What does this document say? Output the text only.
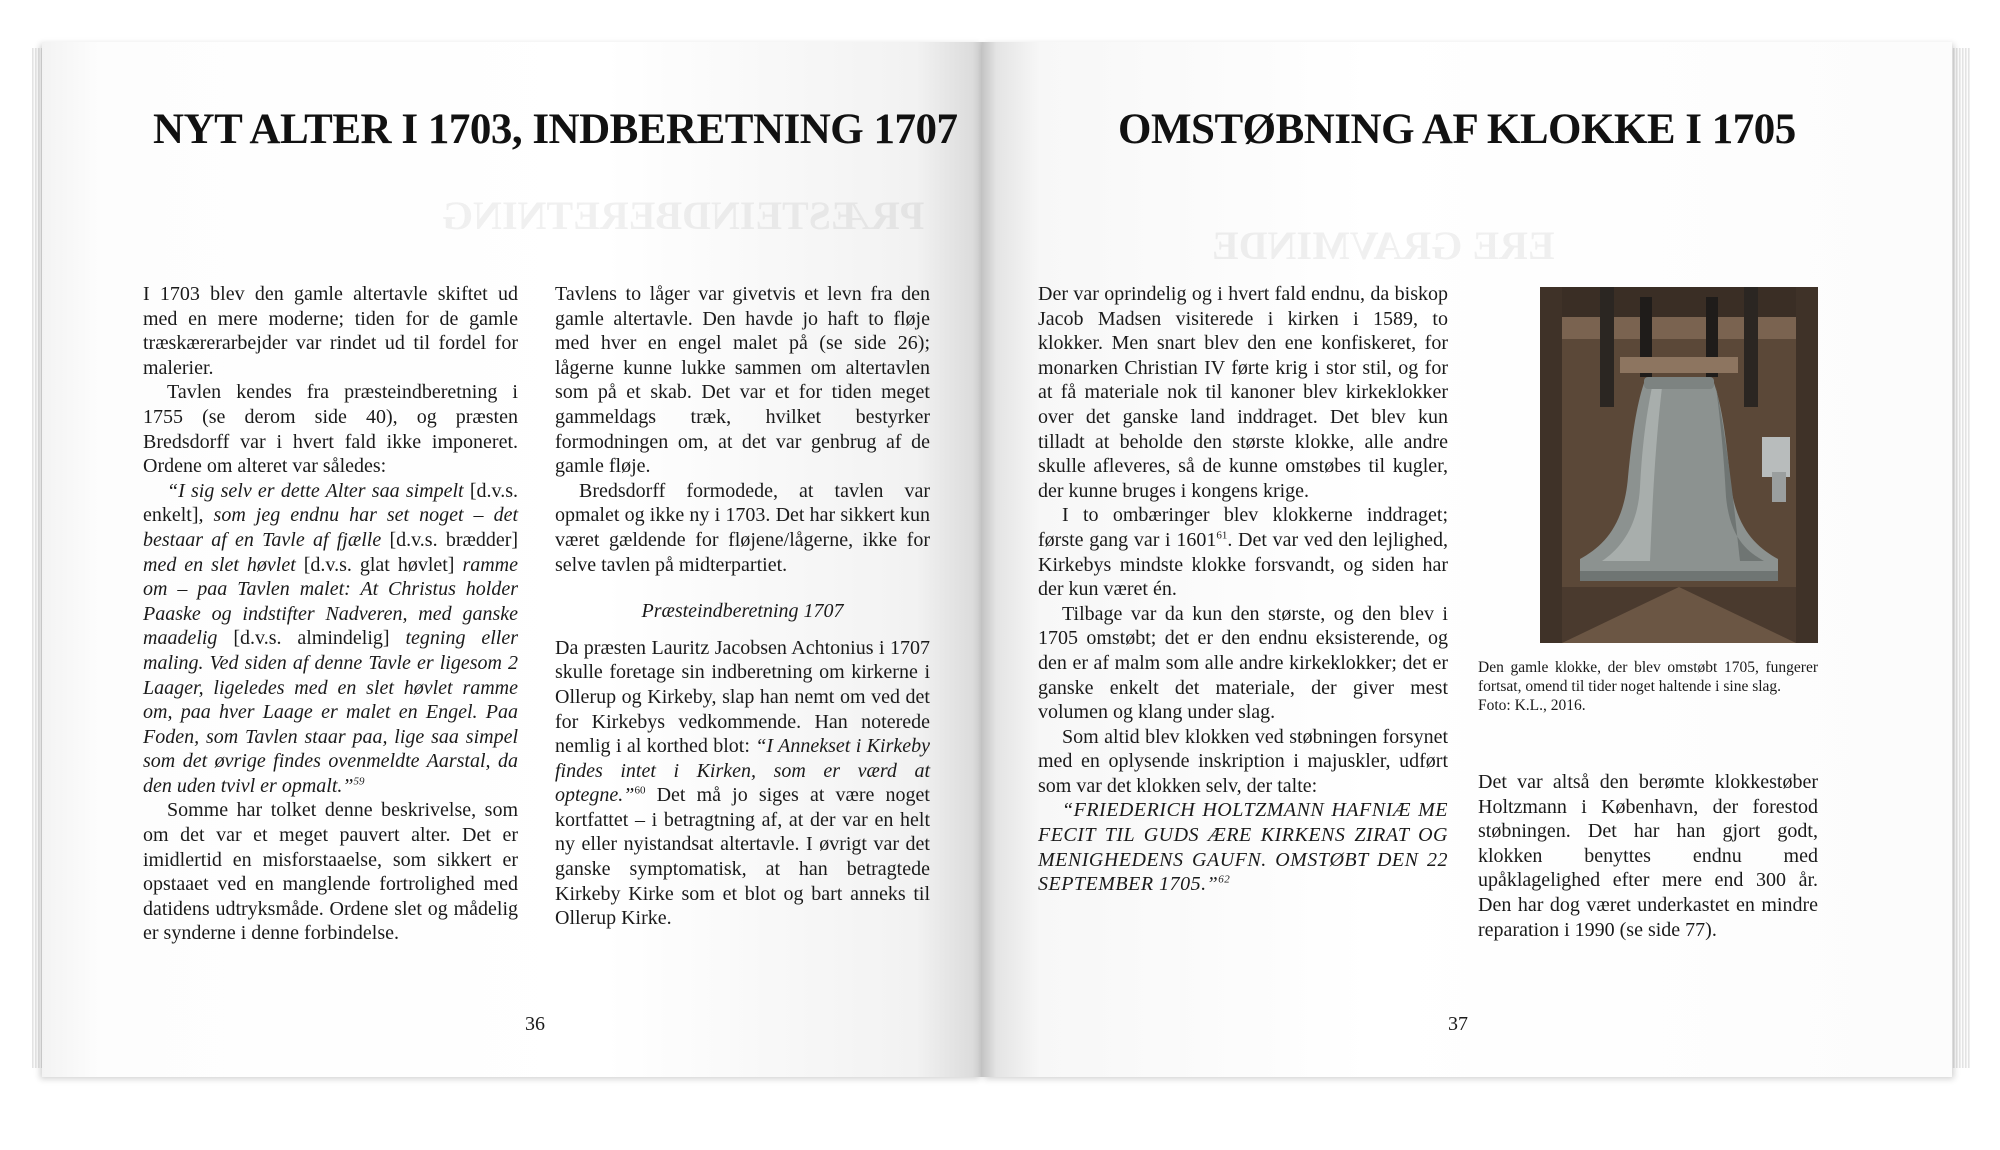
PRÆSTEINDBERETNING
ERE GRAVMINDE
NYT ALTER I 1703, INDBERETNING 1707

I 1703 blev den gamle altertavle skiftet ud med en mere moderne; tiden for de gamle træskærerarbejder var rindet ud til fordel for malerier.

Tavlen kendes fra præsteindberetning i 1755 (se derom side 40), og præsten Bredsdorff var i hvert fald ikke imponeret. Ordene om alteret var således:

“I sig selv er dette Alter saa simpelt [d.v.s. enkelt], som jeg endnu har set noget – det bestaar af en Tavle af fjælle [d.v.s. brædder] med en slet høvlet [d.v.s. glat høvlet] ramme om – paa Tavlen malet: At Christus holder Paaske og indstifter Nadveren, med ganske maadelig [d.v.s. almindelig] tegning eller maling. Ved siden af denne Tavle er ligesom 2 Laager, ligeledes med en slet høvlet ramme om, paa hver Laage er malet en Engel. Paa Foden, som Tavlen staar paa, lige saa simpel som det øvrige findes ovenmeldte Aarstal, da den uden tvivl er opmalt.”$^{59}$

Somme har tolket denne beskrivelse, som om det var et meget pauvert alter. Det er imidlertid en misforstaaelse, som sikkert er opstaaet ved en manglende fortrolighed med datidens udtryksmåde. Ordene slet og mådelig er synderne i denne forbindelse.

Tavlens to låger var givetvis et levn fra den gamle altertavle. Den havde jo haft to fløje med hver en engel malet på (se side 26); lågerne kunne lukke sammen om altertavlen som på et skab. Det var et for tiden meget gammeldags træk, hvilket bestyrker formodningen om, at det var genbrug af de gamle fløje.

Bredsdorff formodede, at tavlen var opmalet og ikke ny i 1703. Det har sikkert kun været gældende for fløjene/lågerne, ikke for selve tavlen på midterpartiet.

Præsteindberetning 1707

Da præsten Lauritz Jacobsen Achtonius i 1707 skulle foretage sin indberetning om kirkerne i Ollerup og Kirkeby, slap han nemt om ved det for Kirkebys vedkommende. Han noterede nemlig i al korthed blot: “I Annekset i Kirkeby findes intet i Kirken, som er værd at optegne.”$^{60}$ Det må jo siges at være noget kortfattet – i betragtning af, at der var en helt ny eller nyistandsat altertavle. I øvrigt var det ganske symptomatisk, at han betragtede Kirkeby Kirke som et blot og bart anneks til Ollerup Kirke.

36
OMSTØBNING AF KLOKKE I 1705

Der var oprindelig og i hvert fald endnu, da biskop Jacob Madsen visiterede i kirken i 1589, to klokker. Men snart blev den ene konfiskeret, for monarken Christian IV førte krig i stor stil, og for at få materiale nok til kanoner blev kirkeklokker over det ganske land inddraget. Det blev kun tilladt at beholde den største klokke, alle andre skulle afleveres, så de kunne omstøbes til kugler, der kunne bruges i kongens krige.

I to ombæringer blev klokkerne inddraget; første gang var i 1601$^{61}$. Det var ved den lejlighed, Kirkebys mindste klokke forsvandt, og siden har der kun været én.

Tilbage var da kun den største, og den blev i 1705 omstøbt; det er den endnu eksisterende, og den er af malm som alle andre kirkeklokker; det er ganske enkelt det materiale, der giver mest volumen og klang under slag.

Som altid blev klokken ved støbningen forsynet med en oplysende inskription i majuskler, udført som var det klokken selv, der talte:

“FRIEDERICH HOLTZMANN HAFNIÆ ME FECIT TIL GUDS ÆRE KIRKENS ZIRAT OG MENIGHEDENS GAUFN. OMSTØBT DEN 22 SEPTEMBER 1705.”$^{62}$

Den gamle klokke, der blev omstøbt 1705, fungerer fortsat, omend til tider noget haltende i sine slag.

Foto: K.L., 2016.

Det var altså den berømte klokkestøber Holtzmann i København, der forestod støbningen. Det har han gjort godt, klokken benyttes endnu med upåklagelighed efter mere end 300 år. Den har dog været underkastet en mindre reparation i 1990 (se side 77).

37
